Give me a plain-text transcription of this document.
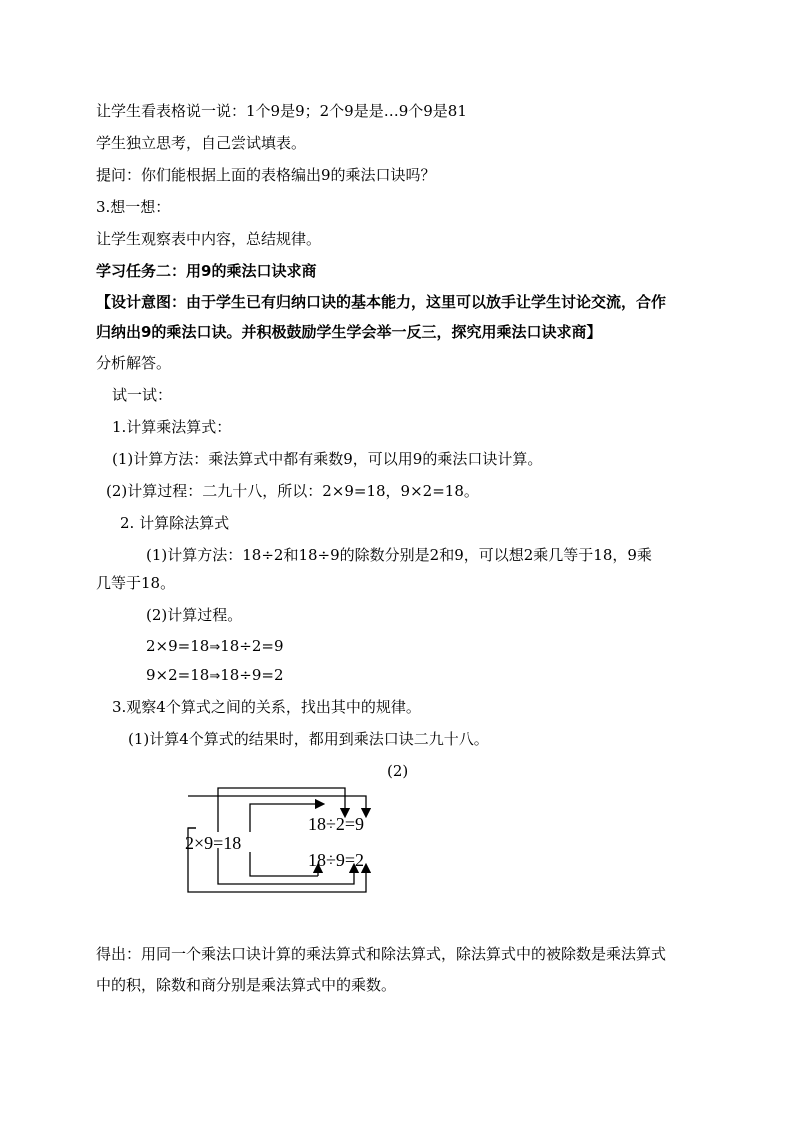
让学生看表格说一说：1个9是9；2个9是是…9个9是81
学生独立思考，自己尝试填表。
提问：你们能根据上面的表格编出9的乘法口诀吗？
3.想一想：
让学生观察表中内容，总结规律。
学习任务二：用9的乘法口诀求商
【设计意图：由于学生已有归纳口诀的基本能力，这里可以放手让学生讨论交流，合作
归纳出9的乘法口诀。并积极鼓励学生学会举一反三，探究用乘法口诀求商】
分析解答。
试一试：
1.计算乘法算式：
(1)计算方法：乘法算式中都有乘数9，可以用9的乘法口诀计算。
(2)计算过程：二九十八，所以：2×9=18，9×2=18。
2. 计算除法算式
(1)计算方法：18÷2和18÷9的除数分别是2和9，可以想2乘几等于18，9乘
几等于18。
(2)计算过程。
2×9=18⇒18÷2=9
9×2=18⇒18÷9=2
3.观察4个算式之间的关系，找出其中的规律。
(1)计算4个算式的结果时，都用到乘法口诀二九十八。
(2)
2×9=18
18÷2=9
18÷9=2
得出：用同一个乘法口诀计算的乘法算式和除法算式，除法算式中的被除数是乘法算式
中的积，除数和商分别是乘法算式中的乘数。
